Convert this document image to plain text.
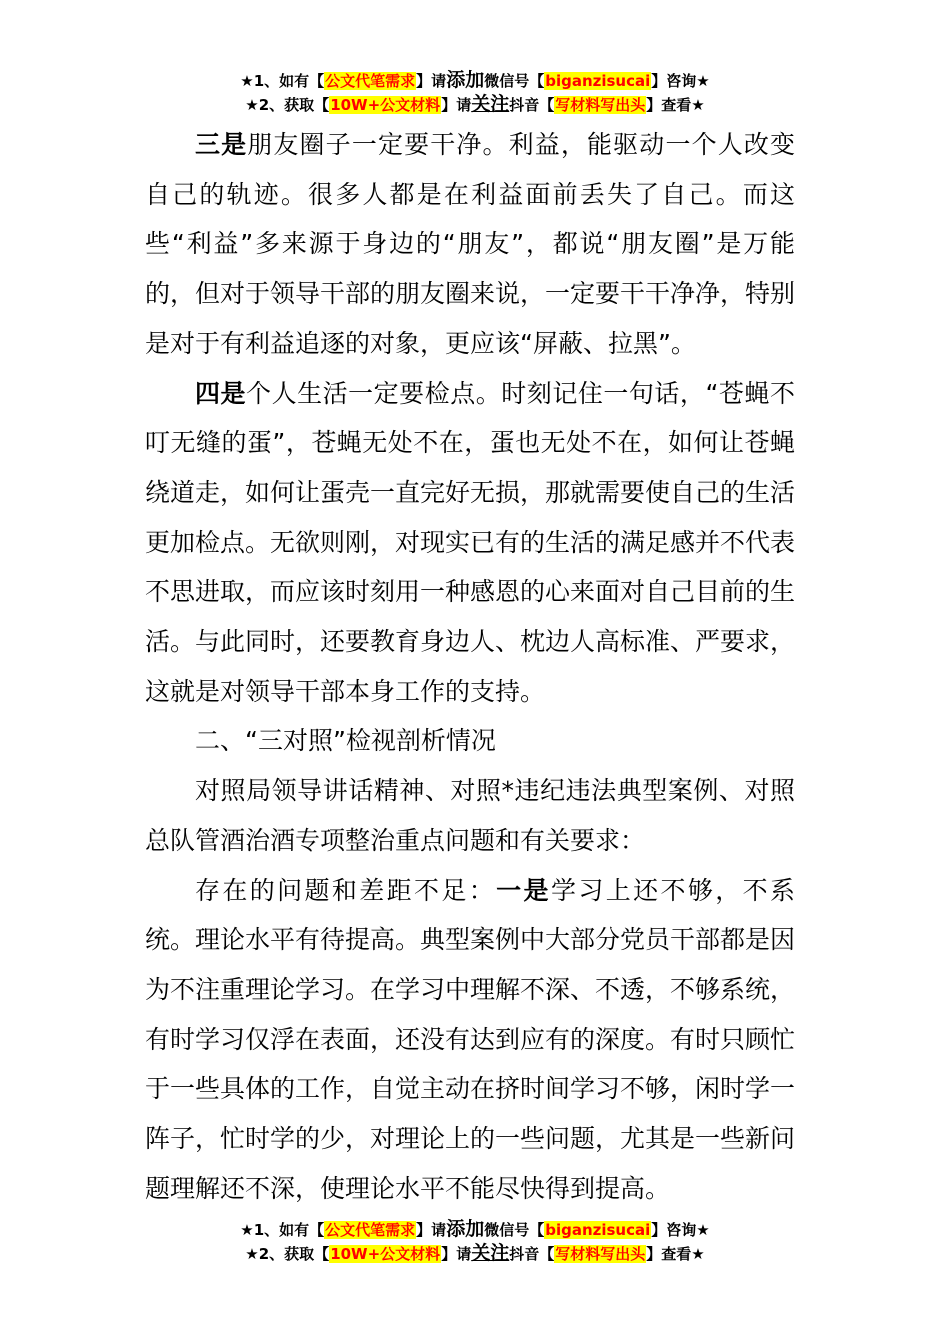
★1、如有【公文代笔需求】请添加微信号【biganzisucai】咨询★
★2、获取【10W+公文材料】请关注抖音【写材料写出头】查看★

三是朋友圈子一定要干净。利益，能驱动一个人改变自己的轨迹。很多人都是在利益面前丢失了自己。而这些“利益”多来源于身边的“朋友”，都说“朋友圈”是万能的，但对于领导干部的朋友圈来说，一定要干干净净，特别是对于有利益追逐的对象，更应该“屏蔽、拉黑”。

四是个人生活一定要检点。时刻记住一句话，“苍蝇不叮无缝的蛋”，苍蝇无处不在，蛋也无处不在，如何让苍蝇绕道走，如何让蛋壳一直完好无损，那就需要使自己的生活更加检点。无欲则刚，对现实已有的生活的满足感并不代表不思进取，而应该时刻用一种感恩的心来面对自己目前的生活。与此同时，还要教育身边人、枕边人高标准、严要求，这就是对领导干部本身工作的支持。

二、“三对照”检视剖析情况

对照局领导讲话精神、对照*违纪违法典型案例、对照总队管酒治酒专项整治重点问题和有关要求：

存在的问题和差距不足：一是学习上还不够，不系统。理论水平有待提高。典型案例中大部分党员干部都是因为不注重理论学习。在学习中理解不深、不透，不够系统，有时学习仅浮在表面，还没有达到应有的深度。有时只顾忙于一些具体的工作，自觉主动在挤时间学习不够，闲时学一阵子，忙时学的少，对理论上的一些问题，尤其是一些新问题理解还不深，使理论水平不能尽快得到提高。

★1、如有【公文代笔需求】请添加微信号【biganzisucai】咨询★
★2、获取【10W+公文材料】请关注抖音【写材料写出头】查看★
